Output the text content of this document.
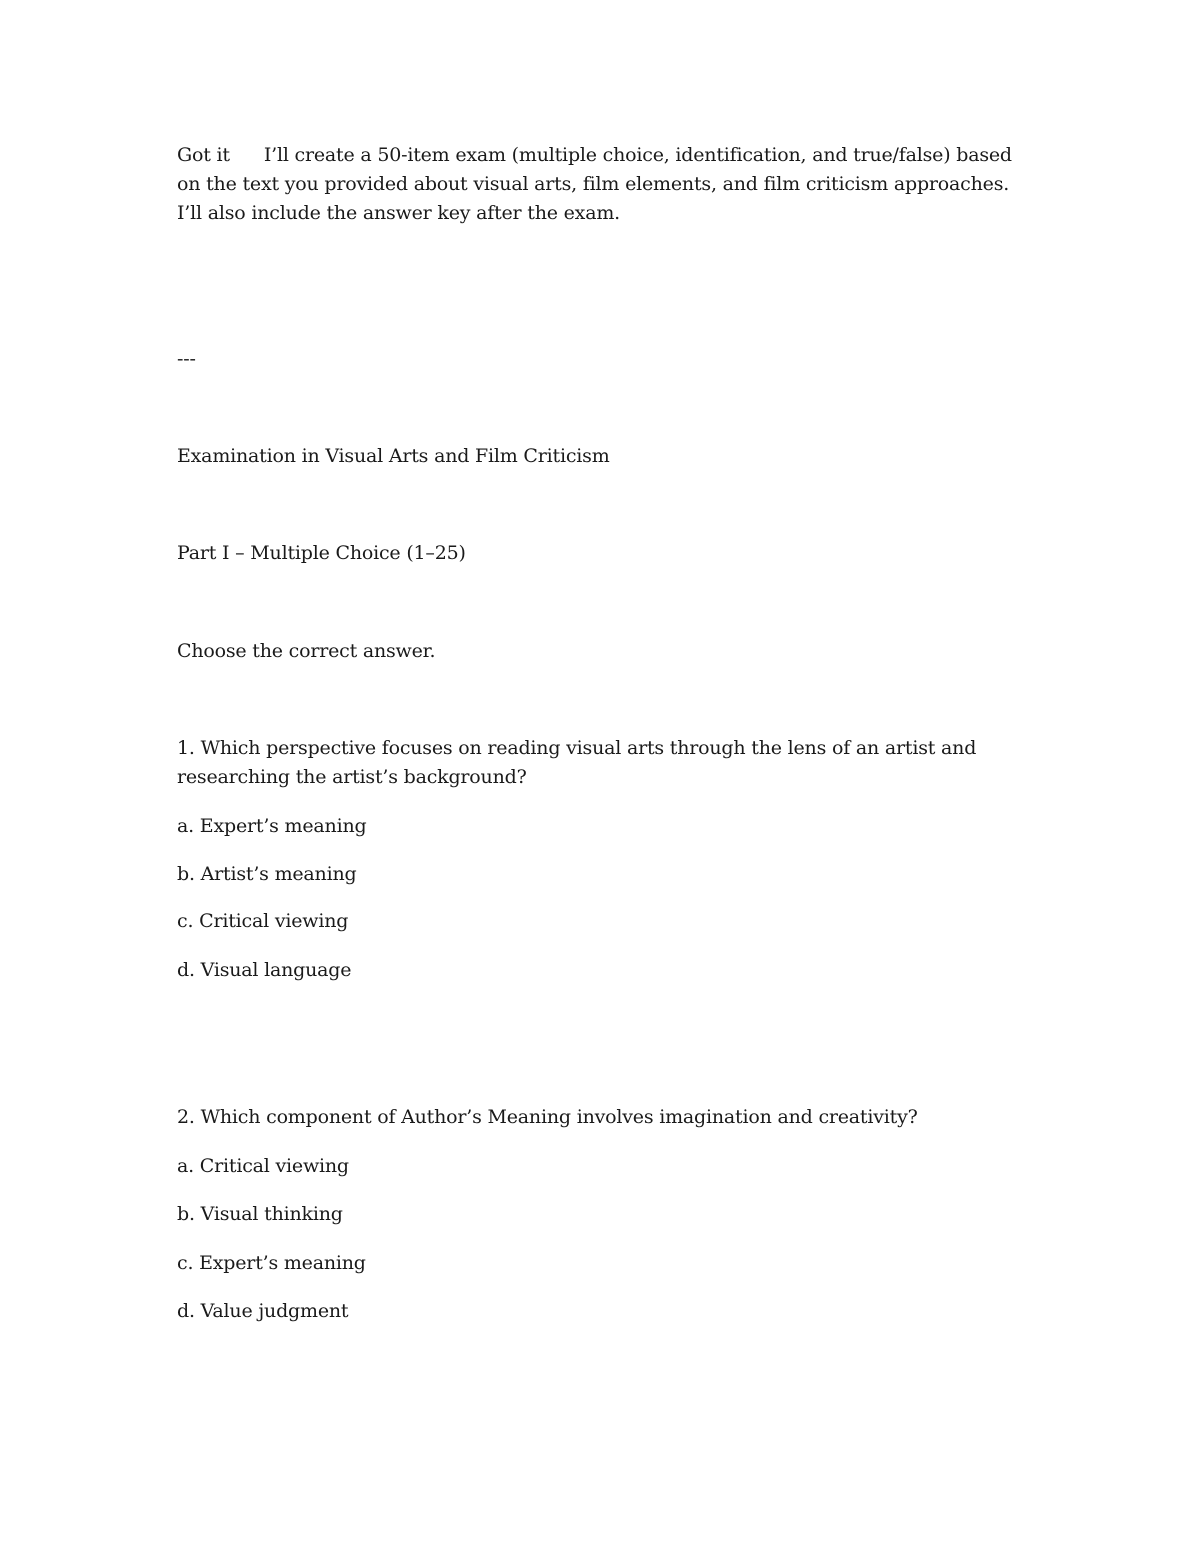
Got it I’ll create a 50-item exam (multiple choice, identification, and true/false) based on the text you provided about visual arts, film elements, and film criticism approaches. I’ll also include the answer key after the exam.
---
Examination in Visual Arts and Film Criticism
Part I – Multiple Choice (1–25)
Choose the correct answer.
1. Which perspective focuses on reading visual arts through the lens of an artist and researching the artist’s background?
a. Expert’s meaning
b. Artist’s meaning
c. Critical viewing
d. Visual language
2. Which component of Author’s Meaning involves imagination and creativity?
a. Critical viewing
b. Visual thinking
c. Expert’s meaning
d. Value judgment
